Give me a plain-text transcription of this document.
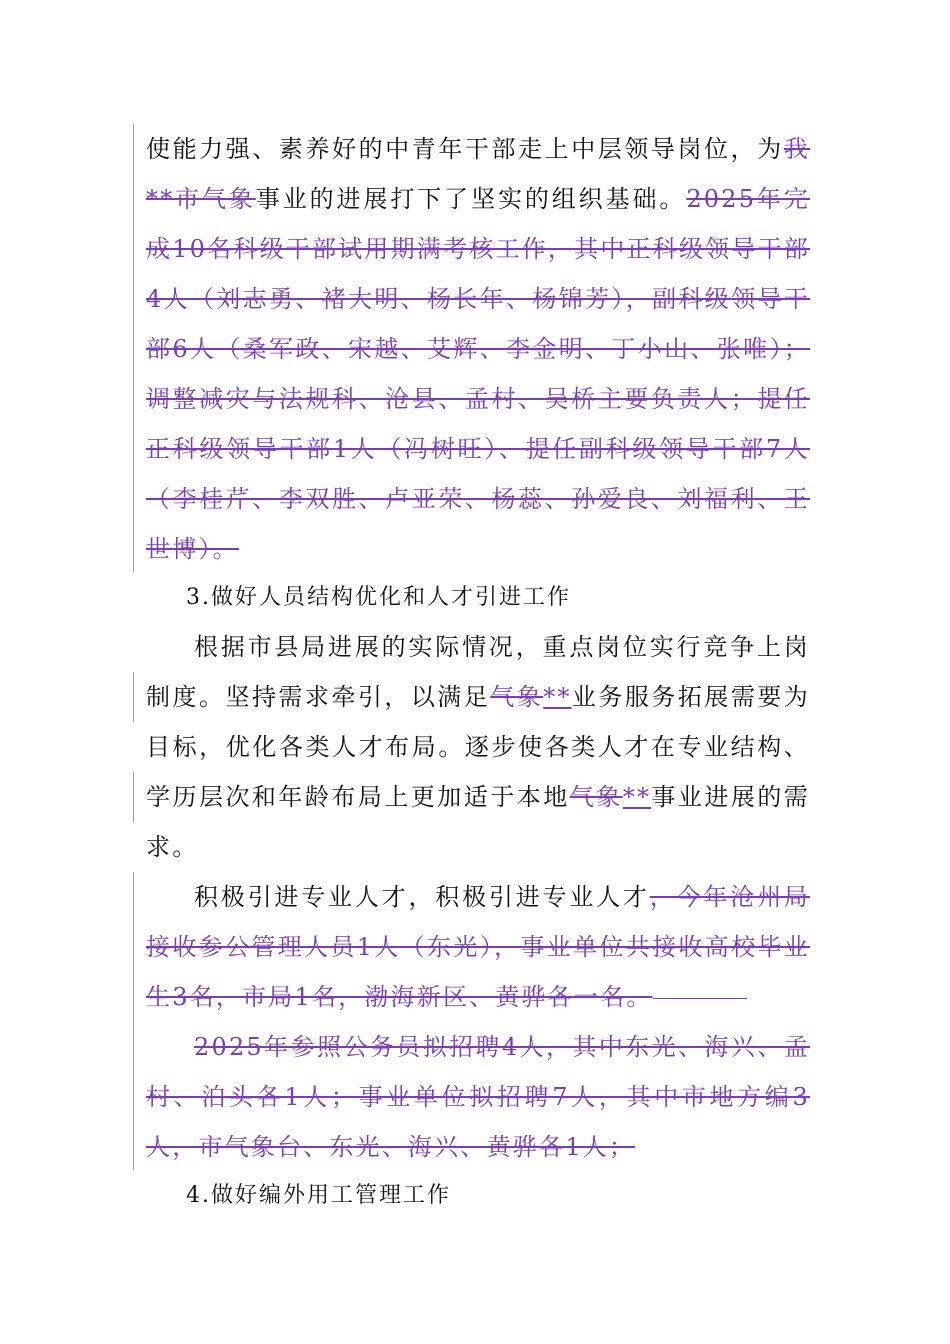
使能力强、素养好的中青年干部走上中层领导岗位，为我**市气象事业的进展打下了坚实的组织基础。2025年完成10名科级干部试用期满考核工作，其中正科级领导干部4人（刘志勇、褚大明、杨长年、杨锦芳），副科级领导干部6人（桑军政、宋越、艾辉、李金明、丁小山、张唯）；调整减灾与法规科、沧县、孟村、吴桥主要负责人；提任正科级领导干部1人（冯树旺）、提任副科级领导干部7人（李桂芹、李双胜、卢亚荣、杨蕊、孙爱良、刘福利、王世博）。

3.做好人员结构优化和人才引进工作

根据市县局进展的实际情况，重点岗位实行竞争上岗制度。坚持需求牵引，以满足气象**业务服务拓展需要为目标，优化各类人才布局。逐步使各类人才在专业结构、学历层次和年龄布局上更加适于本地气象**事业进展的需求。

积极引进专业人才，积极引进专业人才，今年沧州局接收参公管理人员1人（东光），事业单位共接收高校毕业生3名，市局1名，渤海新区、黄骅各一名。

2025年参照公务员拟招聘4人，其中东光、海兴、孟村、泊头各1人；事业单位拟招聘7人，其中市地方编3人，市气象台、东光、海兴、黄骅各1人；

4.做好编外用工管理工作
